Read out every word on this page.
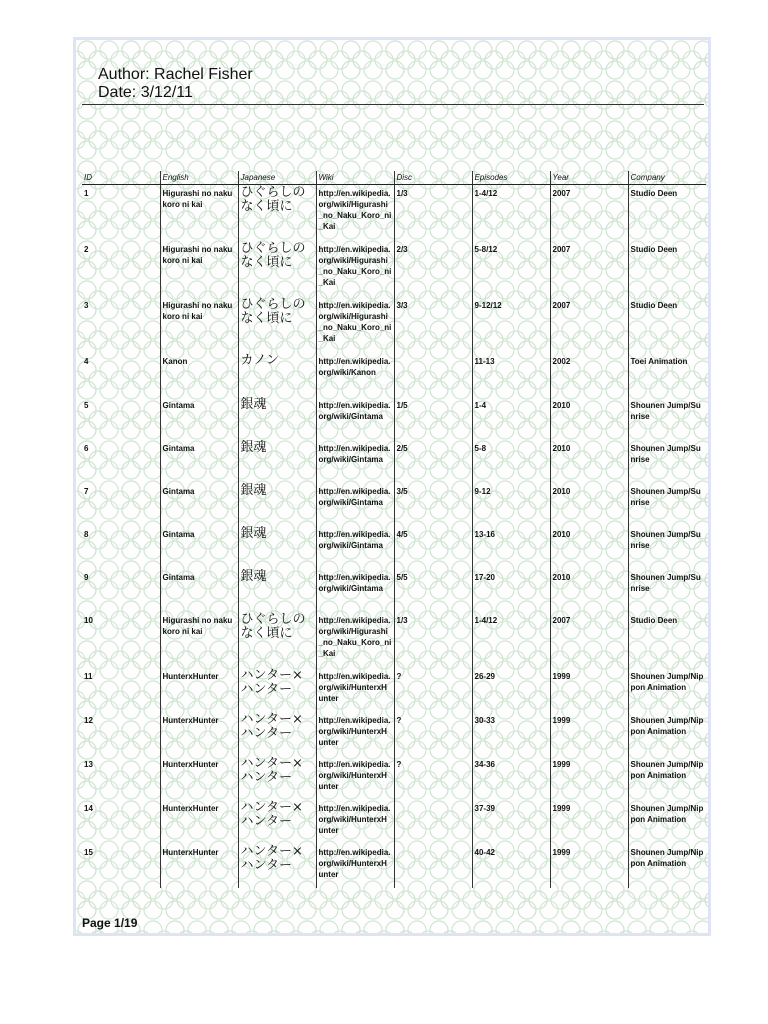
Author: Rachel Fisher

Date: 3/12/11

ID	English	Japanese	Wiki	Disc	Episodes	Year	Company
1	Higurashi no naku koro ni kai	ひぐらしのなく頃に	http://en.wikipedia.org/wiki/Higurashi_no_Naku_Koro_ni_Kai	1/3	1-4/12	2007	Studio Deen
2	Higurashi no naku koro ni kai	ひぐらしのなく頃に	http://en.wikipedia.org/wiki/Higurashi_no_Naku_Koro_ni_Kai	2/3	5-8/12	2007	Studio Deen
3	Higurashi no naku koro ni kai	ひぐらしのなく頃に	http://en.wikipedia.org/wiki/Higurashi_no_Naku_Koro_ni_Kai	3/3	9-12/12	2007	Studio Deen
4	Kanon	カノン	http://en.wikipedia.org/wiki/Kanon		11-13	2002	Toei Animation
5	Gintama	銀魂	http://en.wikipedia.org/wiki/Gintama	1/5	1-4	2010	Shounen Jump/Sunrise
6	Gintama	銀魂	http://en.wikipedia.org/wiki/Gintama	2/5	5-8	2010	Shounen Jump/Sunrise
7	Gintama	銀魂	http://en.wikipedia.org/wiki/Gintama	3/5	9-12	2010	Shounen Jump/Sunrise
8	Gintama	銀魂	http://en.wikipedia.org/wiki/Gintama	4/5	13-16	2010	Shounen Jump/Sunrise
9	Gintama	銀魂	http://en.wikipedia.org/wiki/Gintama	5/5	17-20	2010	Shounen Jump/Sunrise
10	Higurashi no naku koro ni kai	ひぐらしのなく頃に	http://en.wikipedia.org/wiki/Higurashi_no_Naku_Koro_ni_Kai	1/3	1-4/12	2007	Studio Deen
11	HunterxHunter	ハンター×ハンター	http://en.wikipedia.org/wiki/HunterxHunter	?	26-29	1999	Shounen Jump/Nippon Animation
12	HunterxHunter	ハンター×ハンター	http://en.wikipedia.org/wiki/HunterxHunter	?	30-33	1999	Shounen Jump/Nippon Animation
13	HunterxHunter	ハンター×ハンター	http://en.wikipedia.org/wiki/HunterxHunter	?	34-36	1999	Shounen Jump/Nippon Animation
14	HunterxHunter	ハンター×ハンター	http://en.wikipedia.org/wiki/HunterxHunter		37-39	1999	Shounen Jump/Nippon Animation
15	HunterxHunter	ハンター×ハンター	http://en.wikipedia.org/wiki/HunterxHunter		40-42	1999	Shounen Jump/Nippon Animation
Page 1/19
